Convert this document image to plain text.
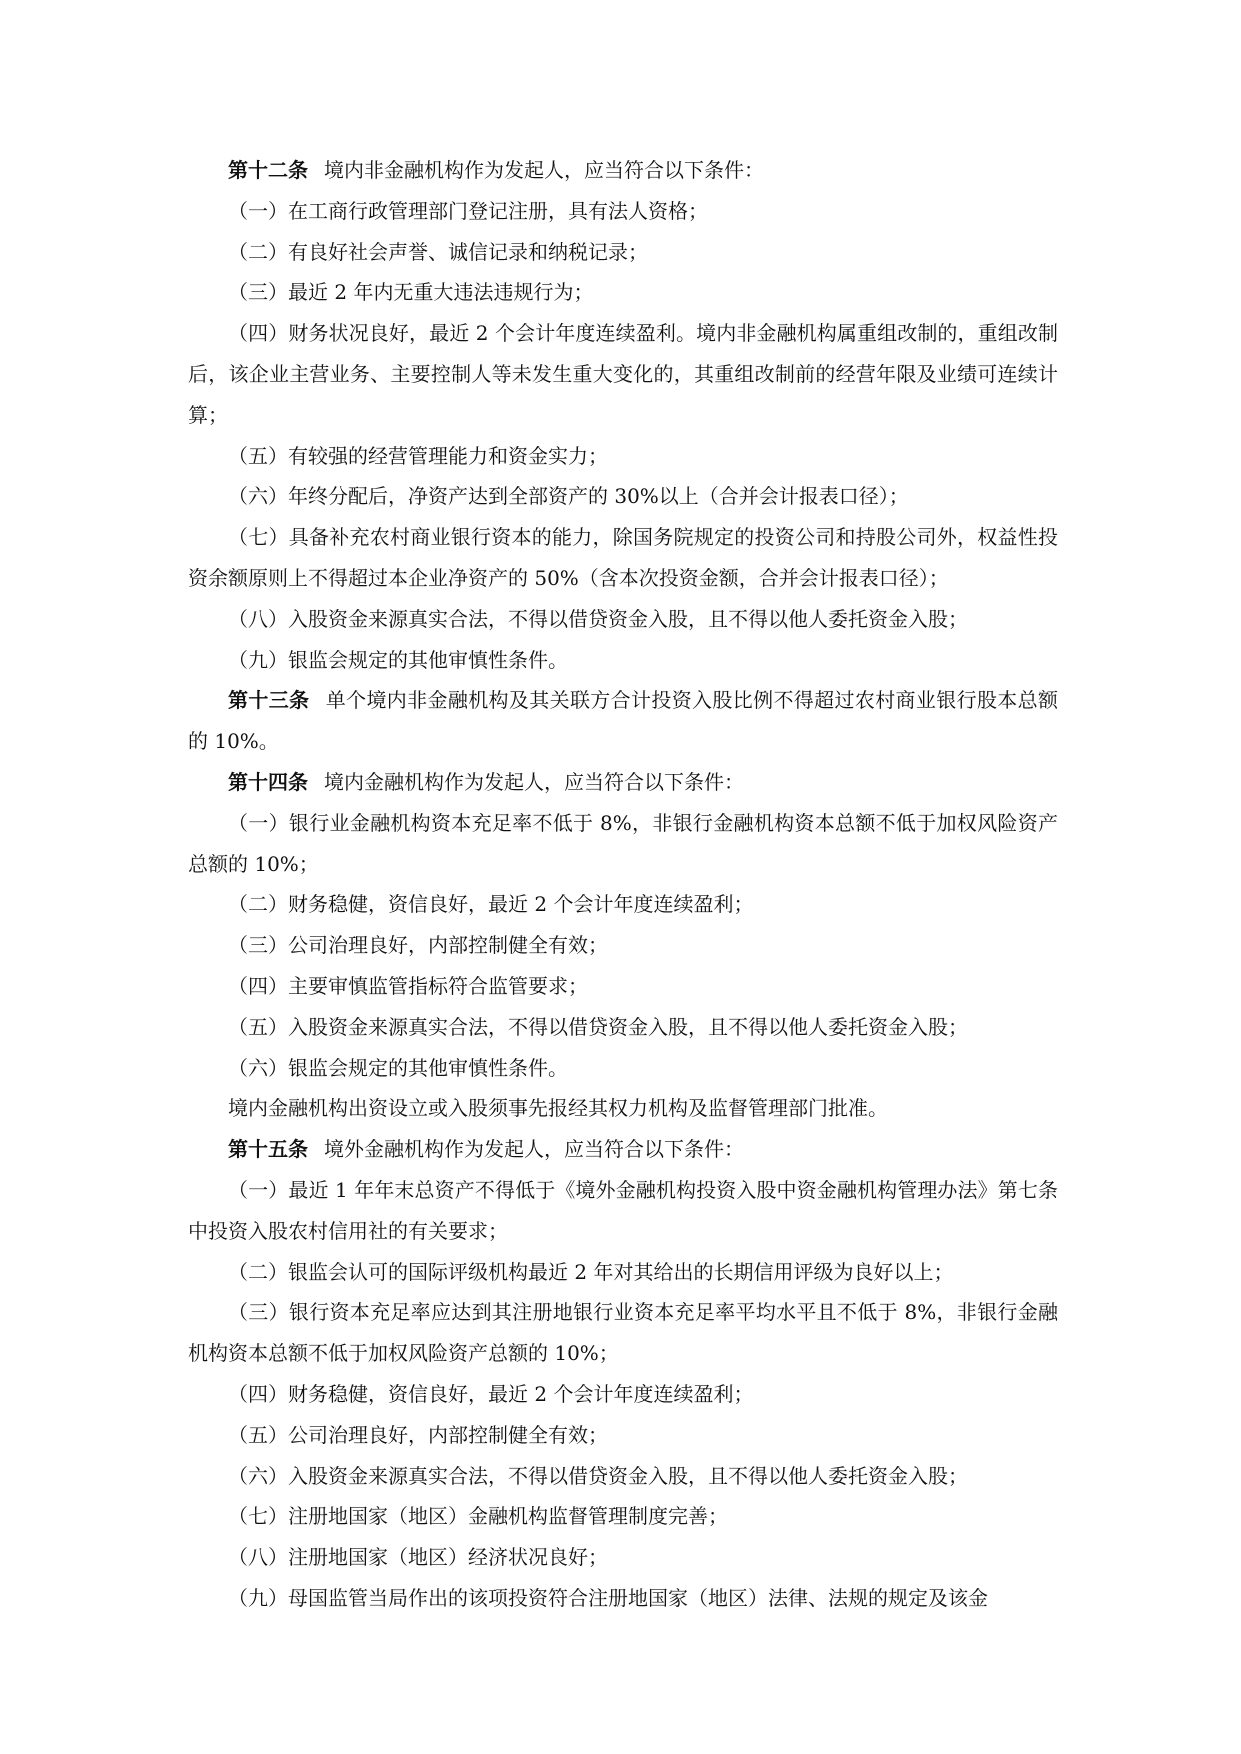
第十二条 境内非金融机构作为发起人，应当符合以下条件：

（一）在工商行政管理部门登记注册，具有法人资格；

（二）有良好社会声誉、诚信记录和纳税记录；

（三）最近 2 年内无重大违法违规行为；

（四）财务状况良好，最近 2 个会计年度连续盈利。境内非金融机构属重组改制的，重组改制后，该企业主营业务、主要控制人等未发生重大变化的，其重组改制前的经营年限及业绩可连续计算；

（五）有较强的经营管理能力和资金实力；

（六）年终分配后，净资产达到全部资产的 30%以上（合并会计报表口径）；

（七）具备补充农村商业银行资本的能力，除国务院规定的投资公司和持股公司外，权益性投资余额原则上不得超过本企业净资产的 50%（含本次投资金额，合并会计报表口径）；

（八）入股资金来源真实合法，不得以借贷资金入股，且不得以他人委托资金入股；

（九）银监会规定的其他审慎性条件。

第十三条 单个境内非金融机构及其关联方合计投资入股比例不得超过农村商业银行股本总额的 10%。

第十四条 境内金融机构作为发起人，应当符合以下条件：

（一）银行业金融机构资本充足率不低于 8%，非银行金融机构资本总额不低于加权风险资产总额的 10%；

（二）财务稳健，资信良好，最近 2 个会计年度连续盈利；

（三）公司治理良好，内部控制健全有效；

（四）主要审慎监管指标符合监管要求；

（五）入股资金来源真实合法，不得以借贷资金入股，且不得以他人委托资金入股；

（六）银监会规定的其他审慎性条件。

境内金融机构出资设立或入股须事先报经其权力机构及监督管理部门批准。

第十五条 境外金融机构作为发起人，应当符合以下条件：

（一）最近 1 年年末总资产不得低于《境外金融机构投资入股中资金融机构管理办法》第七条中投资入股农村信用社的有关要求；

（二）银监会认可的国际评级机构最近 2 年对其给出的长期信用评级为良好以上；

（三）银行资本充足率应达到其注册地银行业资本充足率平均水平且不低于 8%，非银行金融机构资本总额不低于加权风险资产总额的 10%；

（四）财务稳健，资信良好，最近 2 个会计年度连续盈利；

（五）公司治理良好，内部控制健全有效；

（六）入股资金来源真实合法，不得以借贷资金入股，且不得以他人委托资金入股；

（七）注册地国家（地区）金融机构监督管理制度完善；

（八）注册地国家（地区）经济状况良好；

（九）母国监管当局作出的该项投资符合注册地国家（地区）法律、法规的规定及该金
